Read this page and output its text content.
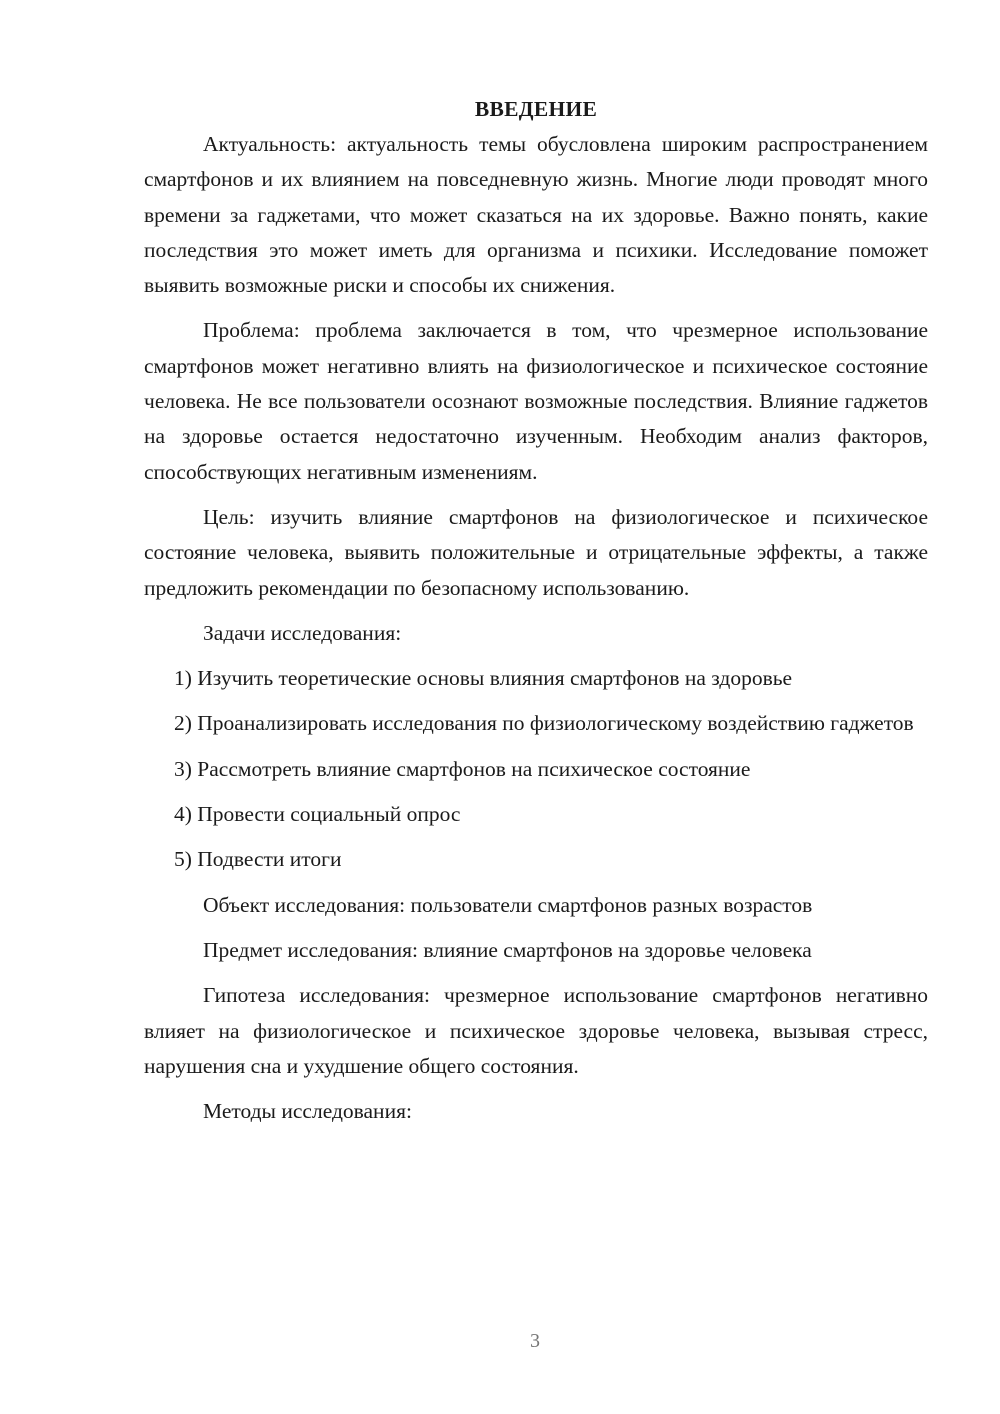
ВВЕДЕНИЕ

Актуальность: актуальность темы обусловлена широким распространением смартфонов и их влиянием на повседневную жизнь. Многие люди проводят много времени за гаджетами, что может сказаться на их здоровье. Важно понять, какие последствия это может иметь для организма и психики. Исследование поможет выявить возможные риски и способы их снижения.

Проблема: проблема заключается в том, что чрезмерное использование смартфонов может негативно влиять на физиологическое и психическое состояние человека. Не все пользователи осознают возможные последствия. Влияние гаджетов на здоровье остается недостаточно изученным. Необходим анализ факторов, способствующих негативным изменениям.

Цель: изучить влияние смартфонов на физиологическое и психическое состояние человека, выявить положительные и отрицательные эффекты, а также предложить рекомендации по безопасному использованию.

Задачи исследования:

1) Изучить теоретические основы влияния смартфонов на здоровье

2) Проанализировать исследования по физиологическому воздействию гаджетов

3) Рассмотреть влияние смартфонов на психическое состояние

4) Провести социальный опрос

5) Подвести итоги

Объект исследования: пользователи смартфонов разных возрастов

Предмет исследования: влияние смартфонов на здоровье человека

Гипотеза исследования: чрезмерное использование смартфонов негативно влияет на физиологическое и психическое здоровье человека, вызывая стресс, нарушения сна и ухудшение общего состояния.

Методы исследования:

3
